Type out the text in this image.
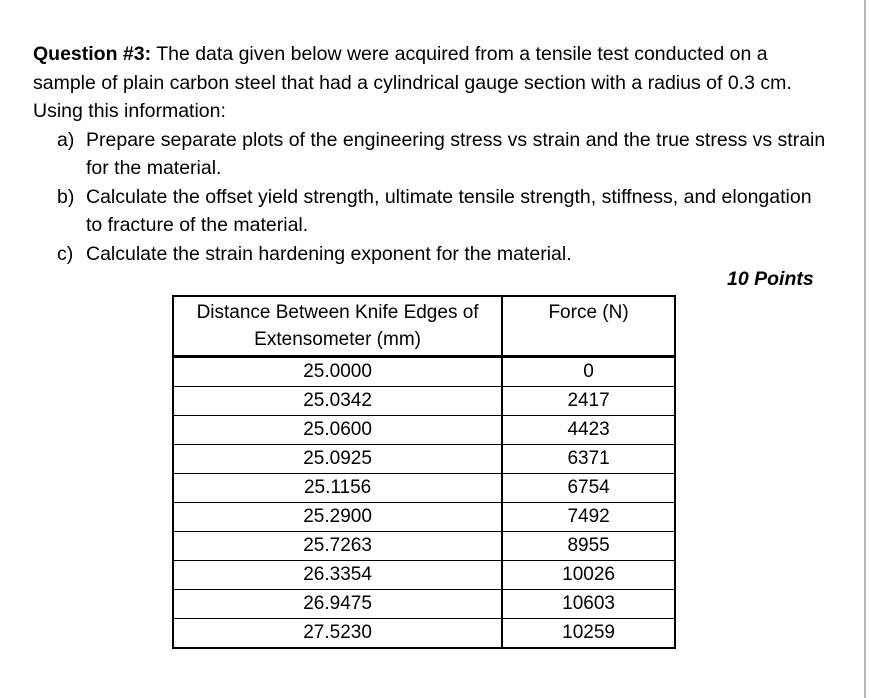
Question #3: The data given below were acquired from a tensile test conducted on a sample of plain carbon steel that had a cylindrical gauge section with a radius of 0.3 cm. Using this information:

a) Prepare separate plots of the engineering stress vs strain and the true stress vs strain for the material.
b) Calculate the offset yield strength, ultimate tensile strength, stiffness, and elongation to fracture of the material.
c) Calculate the strain hardening exponent for the material.
10 Points
Distance Between Knife Edges of Extensometer (mm)	Force (N)
25.0000	0
25.0342	2417
25.0600	4423
25.0925	6371
25.1156	6754
25.2900	7492
25.7263	8955
26.3354	10026
26.9475	10603
27.5230	10259
